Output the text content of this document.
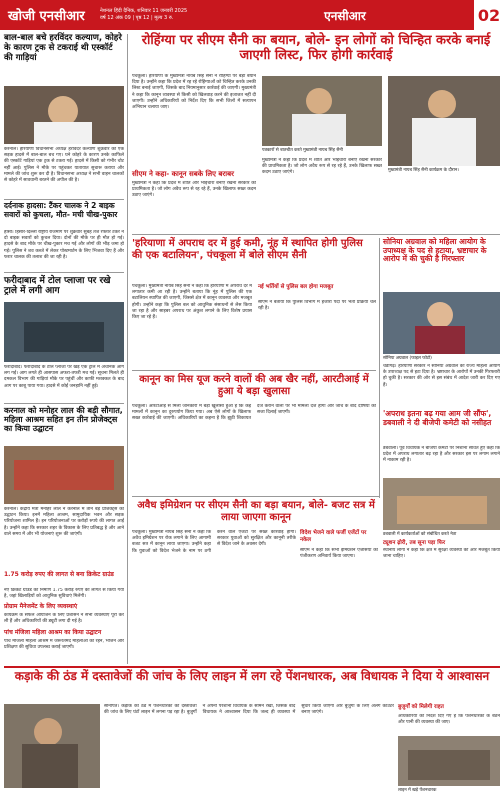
खोजी एनसीआर	नेशनल हिंदी दैनिक, शनिवार 11 जनवरी 2025
वर्ष 12 अंक 09 | पृष्ठ 12 | मूल्य 3 रु.	एनसीआर	02
बाल-बाल बचे हरविंदर कल्याण, कोहरे के कारण ट्रक से टकराई थी एस्कॉर्ट की गाड़ियां
करनाल। हरियाणा विधानसभा अध्यक्ष हरविंदर कल्याण शुक्रवार को एक सड़क हादसे में बाल-बाल बच गए। घने कोहरे के कारण उनके काफिले की एस्कॉर्ट गाड़ियां एक ट्रक से टकरा गईं। हादसे में किसी को गंभीर चोट नहीं आई। पुलिस ने मौके पर पहुंचकर यातायात सुचारू कराया और मामले की जांच शुरू कर दी है। विधानसभा अध्यक्ष ने सभी वाहन चालकों से कोहरे में सावधानी बरतने की अपील की है।
दर्दनाक हादसा: टैंकर चालक ने 2 बाइक सवारों को कुचला, मौत- मची चीख-पुकार
हांसी। हिसार-दिल्ली राष्ट्रीय राजमार्ग पर शुक्रवार सुबह तेज रफ्तार टैंकर ने दो बाइक सवारों को कुचल दिया। दोनों की मौके पर ही मौत हो गई। हादसे के बाद मौके पर चीख-पुकार मच गई और लोगों की भीड़ जमा हो गई। पुलिस ने शव कब्जे में लेकर पोस्टमार्टम के लिए भिजवा दिए हैं और फरार चालक की तलाश की जा रही है।
फरीदाबाद में टोल प्लाजा पर रखे ट्राले में लगी आग
फरीदाबाद। फरीदाबाद के टोल प्लाजा पर खड़े एक ट्राले में अचानक आग लग गई। आग लगते ही आसपास अफरा-तफरी मच गई। सूचना मिलते ही दमकल विभाग की गाड़ियां मौके पर पहुंचीं और काफी मशक्कत के बाद आग पर काबू पाया गया। हादसे में कोई जनहानि नहीं हुई।
करनाल को मनोहर लाल की बड़ी सौगात, महिला आश्रम सहित इन तीन प्रोजेक्ट्स का किया उद्घाटन
करनाल। केंद्रीय मंत्री मनोहर लाल ने करनाल में तीन बड़े प्रोजेक्ट्स का उद्घाटन किया। इनमें महिला आश्रम, सामुदायिक भवन और सड़क परियोजना शामिल हैं। इन परियोजनाओं पर करोड़ों रुपये की लागत आई है। उन्होंने कहा कि सरकार शहर के विकास के लिए प्रतिबद्ध है और आने वाले समय में और भी योजनाएं शुरू की जाएंगी।
1.75 करोड़ रुपए की लागत से बना क्रिकेट ग्राउंड
नए क्रिकेट ग्राउंड का निर्माण 1.75 करोड़ रुपए की लागत से किया गया है, जहां खिलाड़ियों को आधुनिक सुविधाएं मिलेंगी।
प्रोग्राम मैनेजमेंट के लिए व्यवस्थाएं
कार्यक्रम के सफल आयोजन के लिए प्रशासन ने सभी व्यवस्थाएं पूरी कर ली हैं और अधिकारियों की ड्यूटी लगा दी गई है।
पांच मंजिला महिला आश्रम का किया उद्घाटन
पांच मंजिला महिला आश्रम में जरूरतमंद महिलाओं को रहने, भोजन और प्रशिक्षण की सुविधा उपलब्ध कराई जाएगी।
रोहिंग्या पर सीएम सैनी का बयान, बोले- इन लोगों को चिन्हित करके बनाई जाएगी लिस्ट, फिर होगी कार्रवाई
पंचकूला। हरियाणा के मुख्यमंत्री नायब सिंह सैनी ने रोहिंग्या पर बड़ा बयान दिया है। उन्होंने कहा कि प्रदेश में रह रहे रोहिंग्याओं को चिन्हित करके उनकी लिस्ट बनाई जाएगी, जिसके बाद नियमानुसार कार्रवाई की जाएगी। मुख्यमंत्री ने कहा कि कानून व्यवस्था से किसी को खिलवाड़ करने की इजाजत नहीं दी जाएगी। उन्होंने अधिकारियों को निर्देश दिए कि सभी जिलों में सत्यापन अभियान चलाया जाए।
सीएम ने कहा- कानून सबके लिए बराबर
मुख्यमंत्री ने कहा कि प्रदेश में शांति और भाईचारा बनाए रखना सरकार की प्राथमिकता है। जो लोग अवैध रूप से रह रहे हैं, उनके खिलाफ सख्त कदम उठाए जाएंगे।
पत्रकारों से बातचीत करते मुख्यमंत्री नायब सिंह सैनी

मुख्यमंत्री ने कहा कि प्रदेश में शांति और भाईचारा बनाए रखना सरकार की प्राथमिकता है। जो लोग अवैध रूप से रह रहे हैं, उनके खिलाफ सख्त कदम उठाए जाएंगे।	मुख्यमंत्री नायब सिंह सैनी कार्यक्रम के दौरान।
'हरियाणा में अपराध दर में हुई कमी, नूंह में स्थापित होगी पुलिस की एक बटालियन', पंचकूला में बोले सीएम सैनी
पंचकूला। मुख्यमंत्री नायब सिंह सैनी ने कहा कि हरियाणा में अपराध दर में लगातार कमी आ रही है। उन्होंने बताया कि नूंह में पुलिस की एक बटालियन स्थापित की जाएगी, जिससे क्षेत्र में कानून व्यवस्था और मजबूत होगी। उन्होंने कहा कि पुलिस बल को आधुनिक संसाधनों से लैस किया जा रहा है और साइबर अपराध पर अंकुश लगाने के लिए विशेष प्रयास किए जा रहे हैं।
नई भर्तियों से पुलिस बल होगा मजबूत
सीएम ने बताया कि पुलिस विभाग में हजारों पदों पर भर्ती प्रक्रिया चल रही है।
सोनिया अग्रवाल को महिला आयोग के उपाध्यक्ष के पद से हटाया, भ्रष्टाचार के आरोप में की चुकी है गिरफ्तार
सोनिया अग्रवाल (फाइल फोटो)
चंडीगढ़। हरियाणा सरकार ने सोनिया अग्रवाल को राज्य महिला आयोग के उपाध्यक्ष पद से हटा दिया है। भ्रष्टाचार के आरोपों में उनकी गिरफ्तारी हो चुकी है। सरकार की ओर से इस संबंध में आदेश जारी कर दिए गए हैं।
'अपराध इतना बढ़ गया आम जी सौंफ', डबवाली ने दी बीजेपी कमेटी को नसीहत
डबवाली। पूर्व विधायक ने बीजेपी कमेटी पर निशाना साधते हुए कहा कि प्रदेश में अपराध लगातार बढ़ रहा है और सरकार इस पर लगाम लगाने में नाकाम रही है।
डबवाली में कार्यकर्ताओं को संबोधित करते नेता
ट्यूशन ढ़ोरी, तब सूना पड़ा फिर
स्थानीय लोगों ने कहा कि क्षेत्र में सुरक्षा व्यवस्था को और मजबूत किया जाना चाहिए।
कानून का मिस यूज करने वालों की अब खैर नहीं, आरटीआई में हुआ ये बड़ा खुलासा
पंचकूला। आरटीआई से मिली जानकारी में बड़ा खुलासा हुआ है कि कई मामलों में कानून का दुरुपयोग किया गया। अब ऐसे लोगों के खिलाफ सख्त कार्रवाई की जाएगी। अधिकारियों का कहना है कि झूठी शिकायत दर्ज कराने वालों पर भी मामला दर्ज होगा और जांच के बाद दोषियों को सजा दिलाई जाएगी।
अवैध इमिग्रेशन पर सीएम सैनी का बड़ा बयान, बोले- बजट सत्र में लाया जाएगा कानून
पंचकूला। मुख्यमंत्री नायब सिंह सैनी ने कहा कि अवैध इमिग्रेशन पर रोक लगाने के लिए आगामी बजट सत्र में कानून लाया जाएगा। उन्होंने कहा कि युवाओं को विदेश भेजने के नाम पर ठगी करने वाले एजेंटों पर सख्त कार्रवाई होगी। सरकार युवाओं को सुरक्षित और कानूनी तरीके से विदेश जाने के अवसर देगी।
विदेश भेजने वाले फर्जी एजेंटों पर नकेल
सीएम ने कहा कि सभी इमिग्रेशन एजेंसियों का पंजीकरण अनिवार्य किया जाएगा।
कड़ाके की ठंड में दस्तावेजों की जांच के लिए लाइन में लग रहे पेंशनधारक, अब विधायक ने दिया ये आश्वासन
सोनीपत। कड़ाके की ठंड में पेंशनधारकों को दस्तावेजों की जांच के लिए घंटों लाइन में लगना पड़ रहा है। बुजुर्गों ने अपनी परेशानी विधायक के सामने रखी, जिसके बाद विधायक ने आश्वासन दिया कि जल्द ही व्यवस्था में सुधार किया जाएगा और बुजुर्गों के लिए अलग काउंटर बनाए जाएंगे।
बुजुर्गों को मिलेगी राहत
अधिकारियों को निर्देश दिए गए हैं कि पेंशनधारकों के बैठने और पानी की व्यवस्था की जाए।
लाइन में खड़े पेंशनधारक
